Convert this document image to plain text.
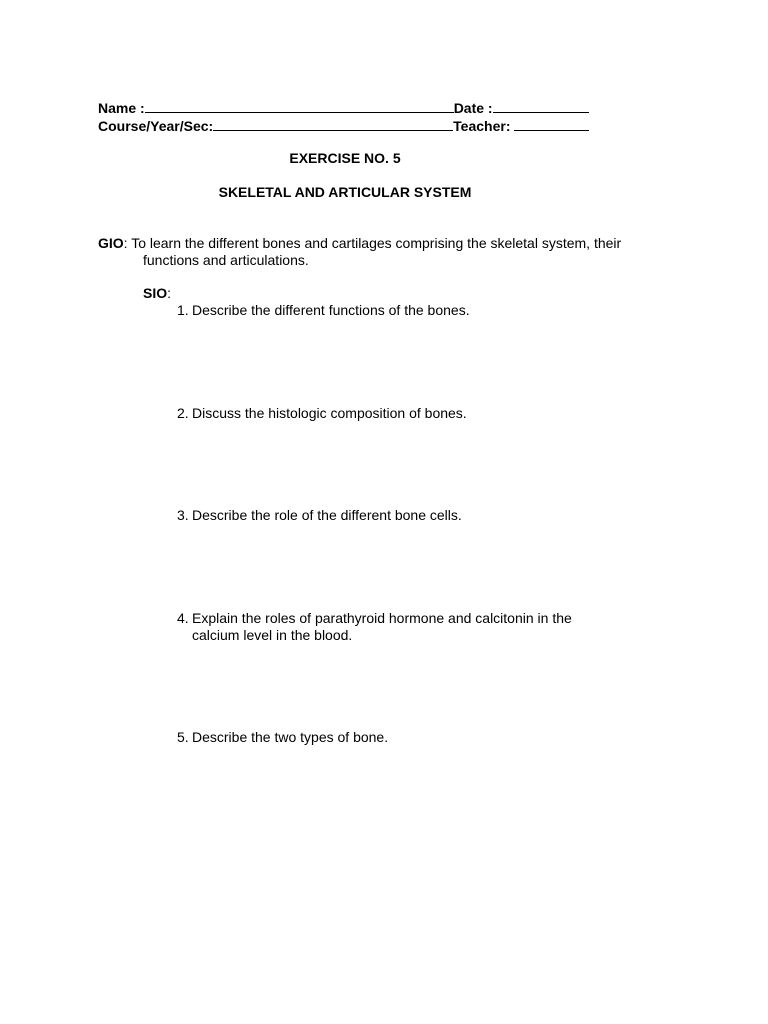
Name :	Date :
Course/Year/Sec:	Teacher:
EXERCISE NO. 5
SKELETAL AND ARTICULAR SYSTEM
GIO: To learn the different bones and cartilages comprising the skeletal system, their
functions and articulations.
SIO:
1. Describe the different functions of the bones.
2. Discuss the histologic composition of bones.
3. Describe the role of the different bone cells.
4. Explain the roles of parathyroid hormone and calcitonin in the
calcium level in the blood.
5. Describe the two types of bone.
